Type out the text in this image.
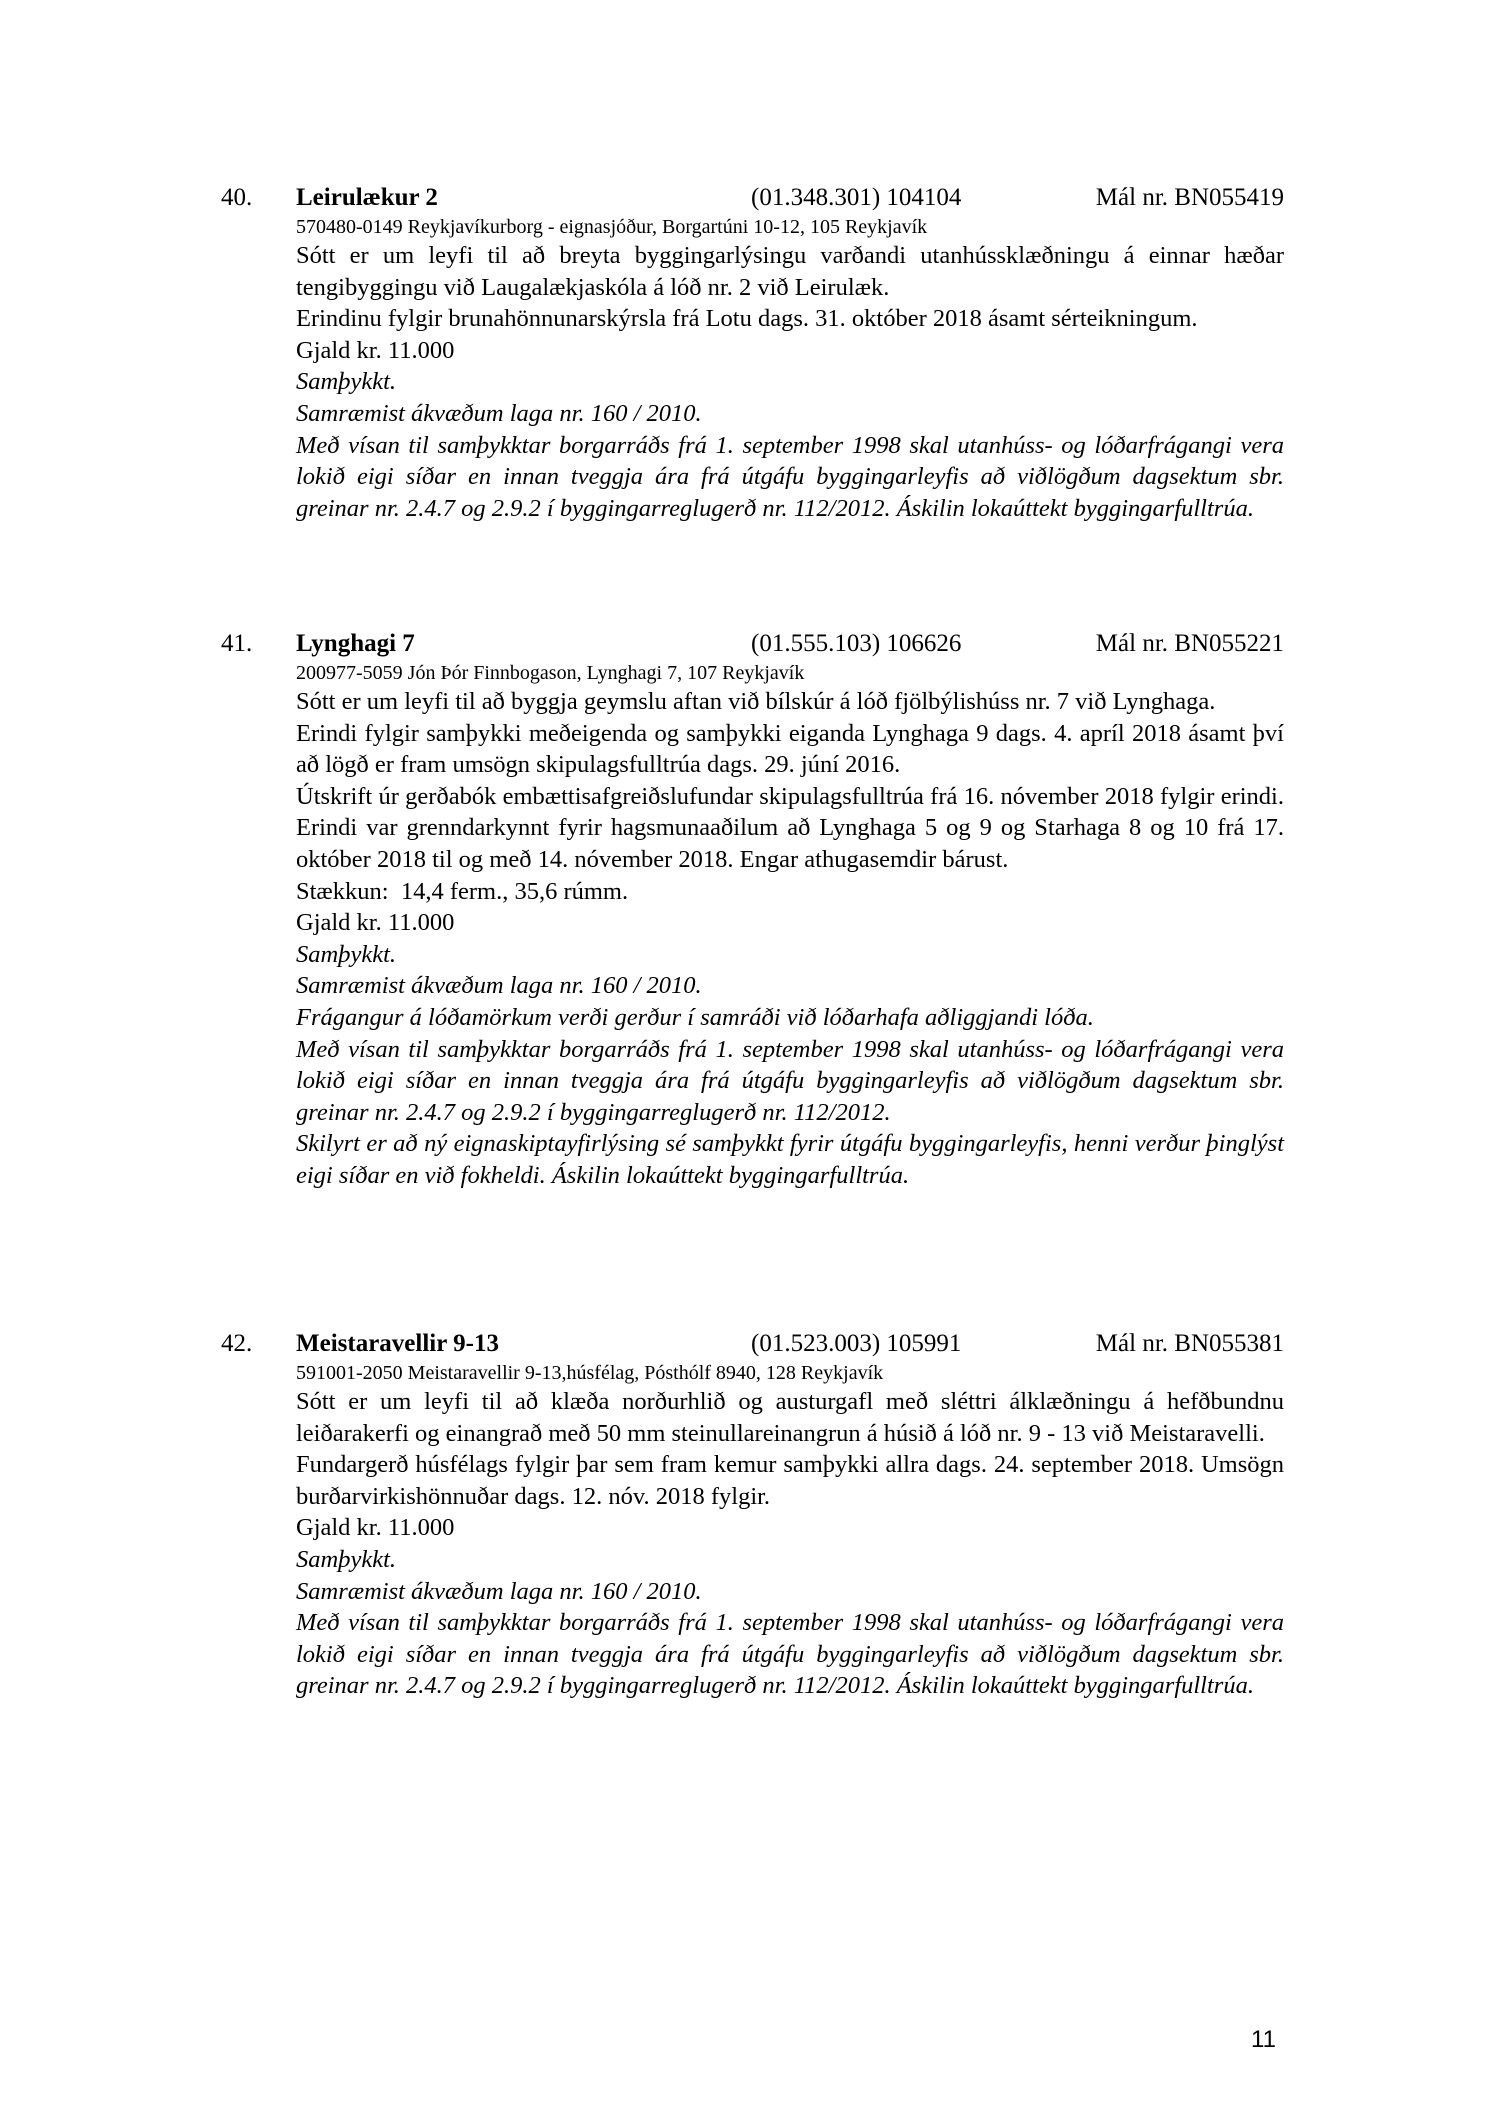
40. Leirulækur 2	(01.348.301) 104104	Mál nr. BN055419
570480-0149 Reykjavíkurborg - eignasjóður, Borgartúni 10-12, 105 Reykjavík

Sótt er um leyfi til að breyta byggingarlýsingu varðandi utanhússklæðningu á einnar hæðar tengibyggingu við Laugalækjaskóla á lóð nr. 2 við Leirulæk.

Erindinu fylgir brunahönnunarskýrsla frá Lotu dags. 31. október 2018 ásamt sérteikningum.

Gjald kr. 11.000

Samþykkt.

Samræmist ákvæðum laga nr. 160 / 2010.

Með vísan til samþykktar borgarráðs frá 1. september 1998 skal utanhúss- og lóðarfrágangi vera lokið eigi síðar en innan tveggja ára frá útgáfu byggingarleyfis að viðlögðum dagsektum sbr. greinar nr. 2.4.7 og 2.9.2 í byggingarreglugerð nr. 112/2012. Áskilin lokaúttekt byggingarfulltrúa.

41. Lynghagi 7	(01.555.103) 106626	Mál nr. BN055221
200977-5059 Jón Þór Finnbogason, Lynghagi 7, 107 Reykjavík

Sótt er um leyfi til að byggja geymslu aftan við bílskúr á lóð fjölbýlishúss nr. 7 við Lynghaga.

Erindi fylgir samþykki meðeigenda og samþykki eiganda Lynghaga 9 dags. 4. apríl 2018 ásamt því að lögð er fram umsögn skipulagsfulltrúa dags. 29. júní 2016.

Útskrift úr gerðabók embættisafgreiðslufundar skipulagsfulltrúa frá 16. nóvember 2018 fylgir erindi. Erindi var grenndarkynnt fyrir hagsmunaaðilum að Lynghaga 5 og 9 og Starhaga 8 og 10 frá 17. október 2018 til og með 14. nóvember 2018. Engar athugasemdir bárust.

Stækkun:  14,4 ferm., 35,6 rúmm.

Gjald kr. 11.000

Samþykkt.

Samræmist ákvæðum laga nr. 160 / 2010.

Frágangur á lóðamörkum verði gerður í samráði við lóðarhafa aðliggjandi lóða.

Með vísan til samþykktar borgarráðs frá 1. september 1998 skal utanhúss- og lóðarfrágangi vera lokið eigi síðar en innan tveggja ára frá útgáfu byggingarleyfis að viðlögðum dagsektum sbr. greinar nr. 2.4.7 og 2.9.2 í byggingarreglugerð nr. 112/2012.

Skilyrt er að ný eignaskiptayfirlýsing sé samþykkt fyrir útgáfu byggingarleyfis, henni verður þinglýst eigi síðar en við fokheldi. Áskilin lokaúttekt byggingarfulltrúa.

42. Meistaravellir 9-13	(01.523.003) 105991	Mál nr. BN055381
591001-2050 Meistaravellir 9-13,húsfélag, Pósthólf 8940, 128 Reykjavík

Sótt er um leyfi til að klæða norðurhlið og austurgafl með sléttri álklæðningu á hefðbundnu leiðarakerfi og einangrað með 50 mm steinullareinangrun á húsið á lóð nr. 9 - 13 við Meistaravelli.

Fundargerð húsfélags fylgir þar sem fram kemur samþykki allra dags. 24. september 2018. Umsögn burðarvirkishönnuðar dags. 12. nóv. 2018 fylgir.

Gjald kr. 11.000

Samþykkt.

Samræmist ákvæðum laga nr. 160 / 2010.

Með vísan til samþykktar borgarráðs frá 1. september 1998 skal utanhúss- og lóðarfrágangi vera lokið eigi síðar en innan tveggja ára frá útgáfu byggingarleyfis að viðlögðum dagsektum sbr. greinar nr. 2.4.7 og 2.9.2 í byggingarreglugerð nr. 112/2012. Áskilin lokaúttekt byggingarfulltrúa.

11
